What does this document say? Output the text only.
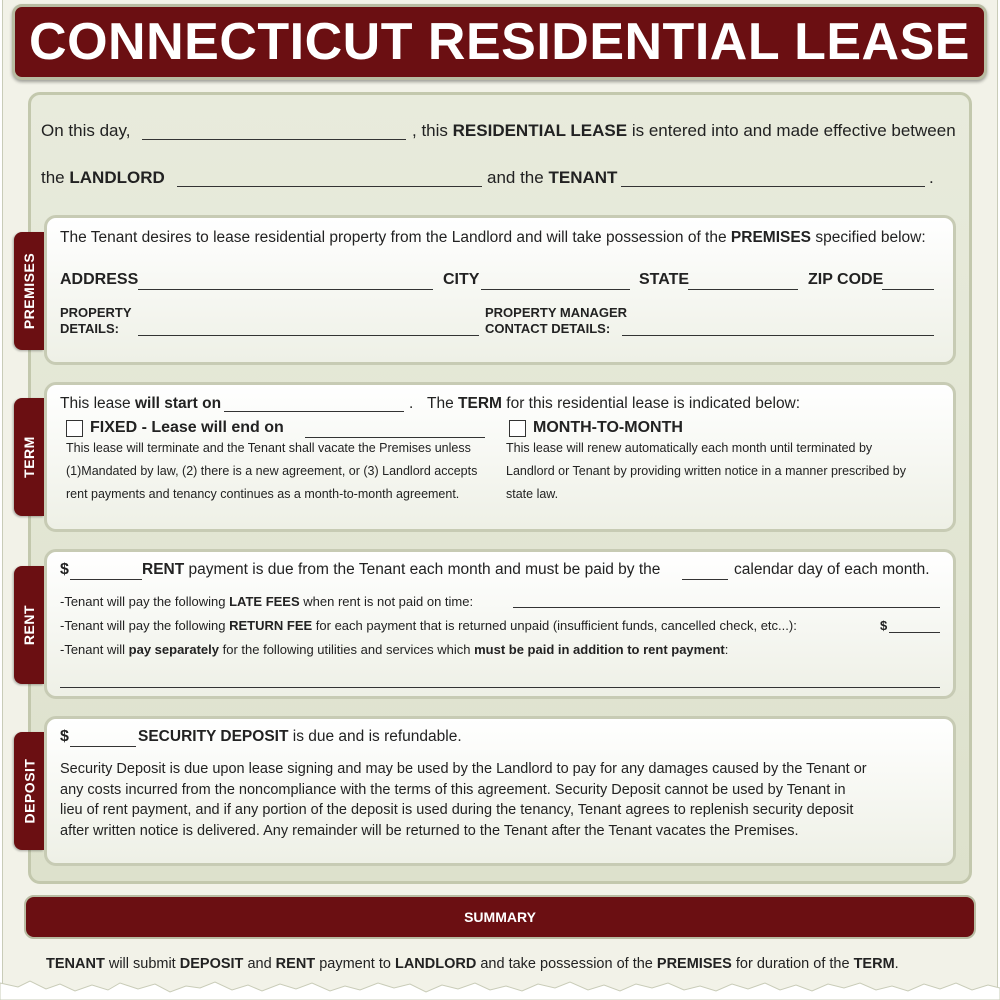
CONNECTICUT RESIDENTIAL LEASE
On this day,	, this RESIDENTIAL LEASE is entered into and made effective between
the LANDLORD	and the TENANT	.
PREMISES
The Tenant desires to lease residential property from the Landlord and will take possession of the PREMISES specified below:
ADDRESS	CITY	STATE	ZIP CODE
PROPERTY
DETAILS:
PROPERTY MANAGER
CONTACT DETAILS:
TERM
This lease will start on	. The TERM for this residential lease is indicated below:
FIXED - Lease will end on
This lease will terminate and the Tenant shall vacate the Premises unless
(1)Mandated by law, (2) there is a new agreement, or (3) Landlord accepts
rent payments and tenancy continues as a month-to-month agreement.
MONTH-TO-MONTH
This lease will renew automatically each month until terminated by
Landlord or Tenant by providing written notice in a manner prescribed by
state law.
RENT
$	RENT payment is due from the Tenant each month and must be paid by the	calendar day of each month.
-Tenant will pay the following LATE FEES when rent is not paid on time:
-Tenant will pay the following RETURN FEE for each payment that is returned unpaid (insufficient funds, cancelled check, etc...):	$
-Tenant will pay separately for the following utilities and services which must be paid in addition to rent payment:
DEPOSIT
$	SECURITY DEPOSIT is due and is refundable.
Security Deposit is due upon lease signing and may be used by the Landlord to pay for any damages caused by the Tenant or
any costs incurred from the noncompliance with the terms of this agreement. Security Deposit cannot be used by Tenant in
lieu of rent payment, and if any portion of the deposit is used during the tenancy, Tenant agrees to replenish security deposit
after written notice is delivered. Any remainder will be returned to the Tenant after the Tenant vacates the Premises.
SUMMARY
TENANT will submit DEPOSIT and RENT payment to LANDLORD and take possession of the PREMISES for duration of the TERM.
